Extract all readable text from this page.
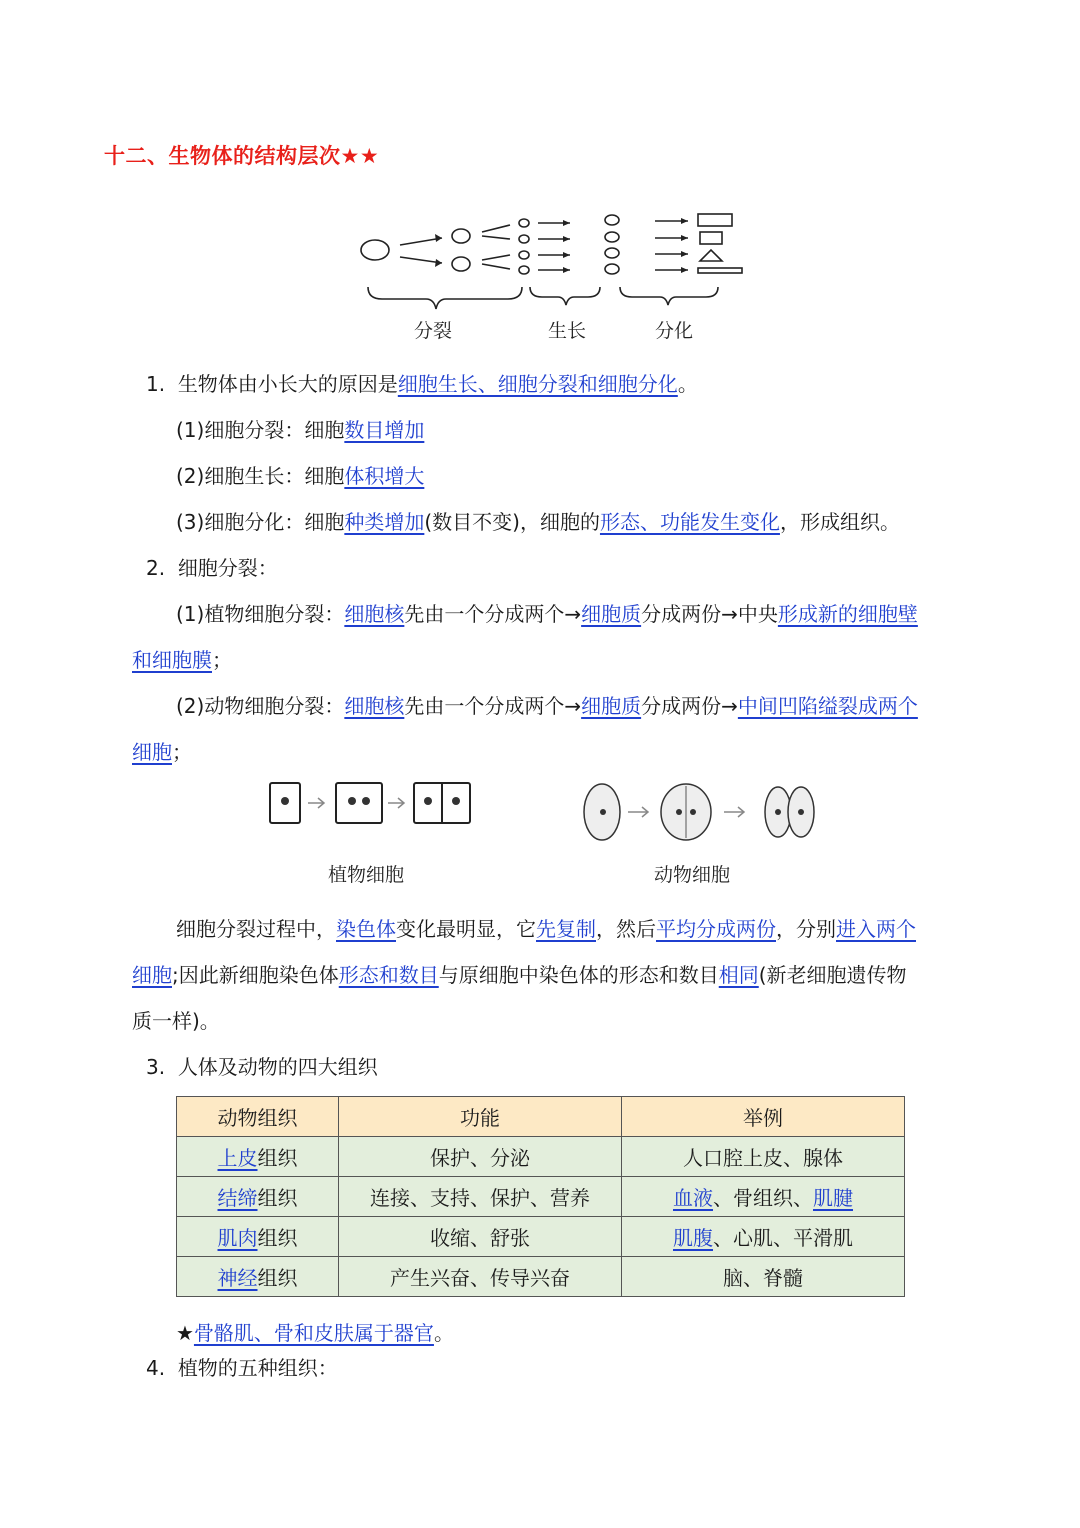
十二、生物体的结构层次★★
分裂	生长	分化
1. 生物体由小长大的原因是细胞生长、细胞分裂和细胞分化。
(1)细胞分裂：细胞数目增加
(2)细胞生长：细胞体积增大
(3)细胞分化：细胞种类增加(数目不变)，细胞的形态、功能发生变化，形成组织。
2. 细胞分裂：
(1)植物细胞分裂：细胞核先由一个分成两个→细胞质分成两份→中央形成新的细胞壁
和细胞膜；
(2)动物细胞分裂：细胞核先由一个分成两个→细胞质分成两份→中间凹陷缢裂成两个
细胞；
植物细胞	动物细胞
细胞分裂过程中，染色体变化最明显，它先复制，然后平均分成两份，分别进入两个
细胞;因此新细胞染色体形态和数目与原细胞中染色体的形态和数目相同(新老细胞遗传物
质一样)。
3. 人体及动物的四大组织
动物组织	功能	举例
上皮组织	保护、分泌	人口腔上皮、腺体
结缔组织	连接、支持、保护、营养	血液、骨组织、肌腱
肌肉组织	收缩、舒张	肌腹、心肌、平滑肌
神经组织	产生兴奋、传导兴奋	脑、脊髓
★骨骼肌、骨和皮肤属于器官。
4. 植物的五种组织：
